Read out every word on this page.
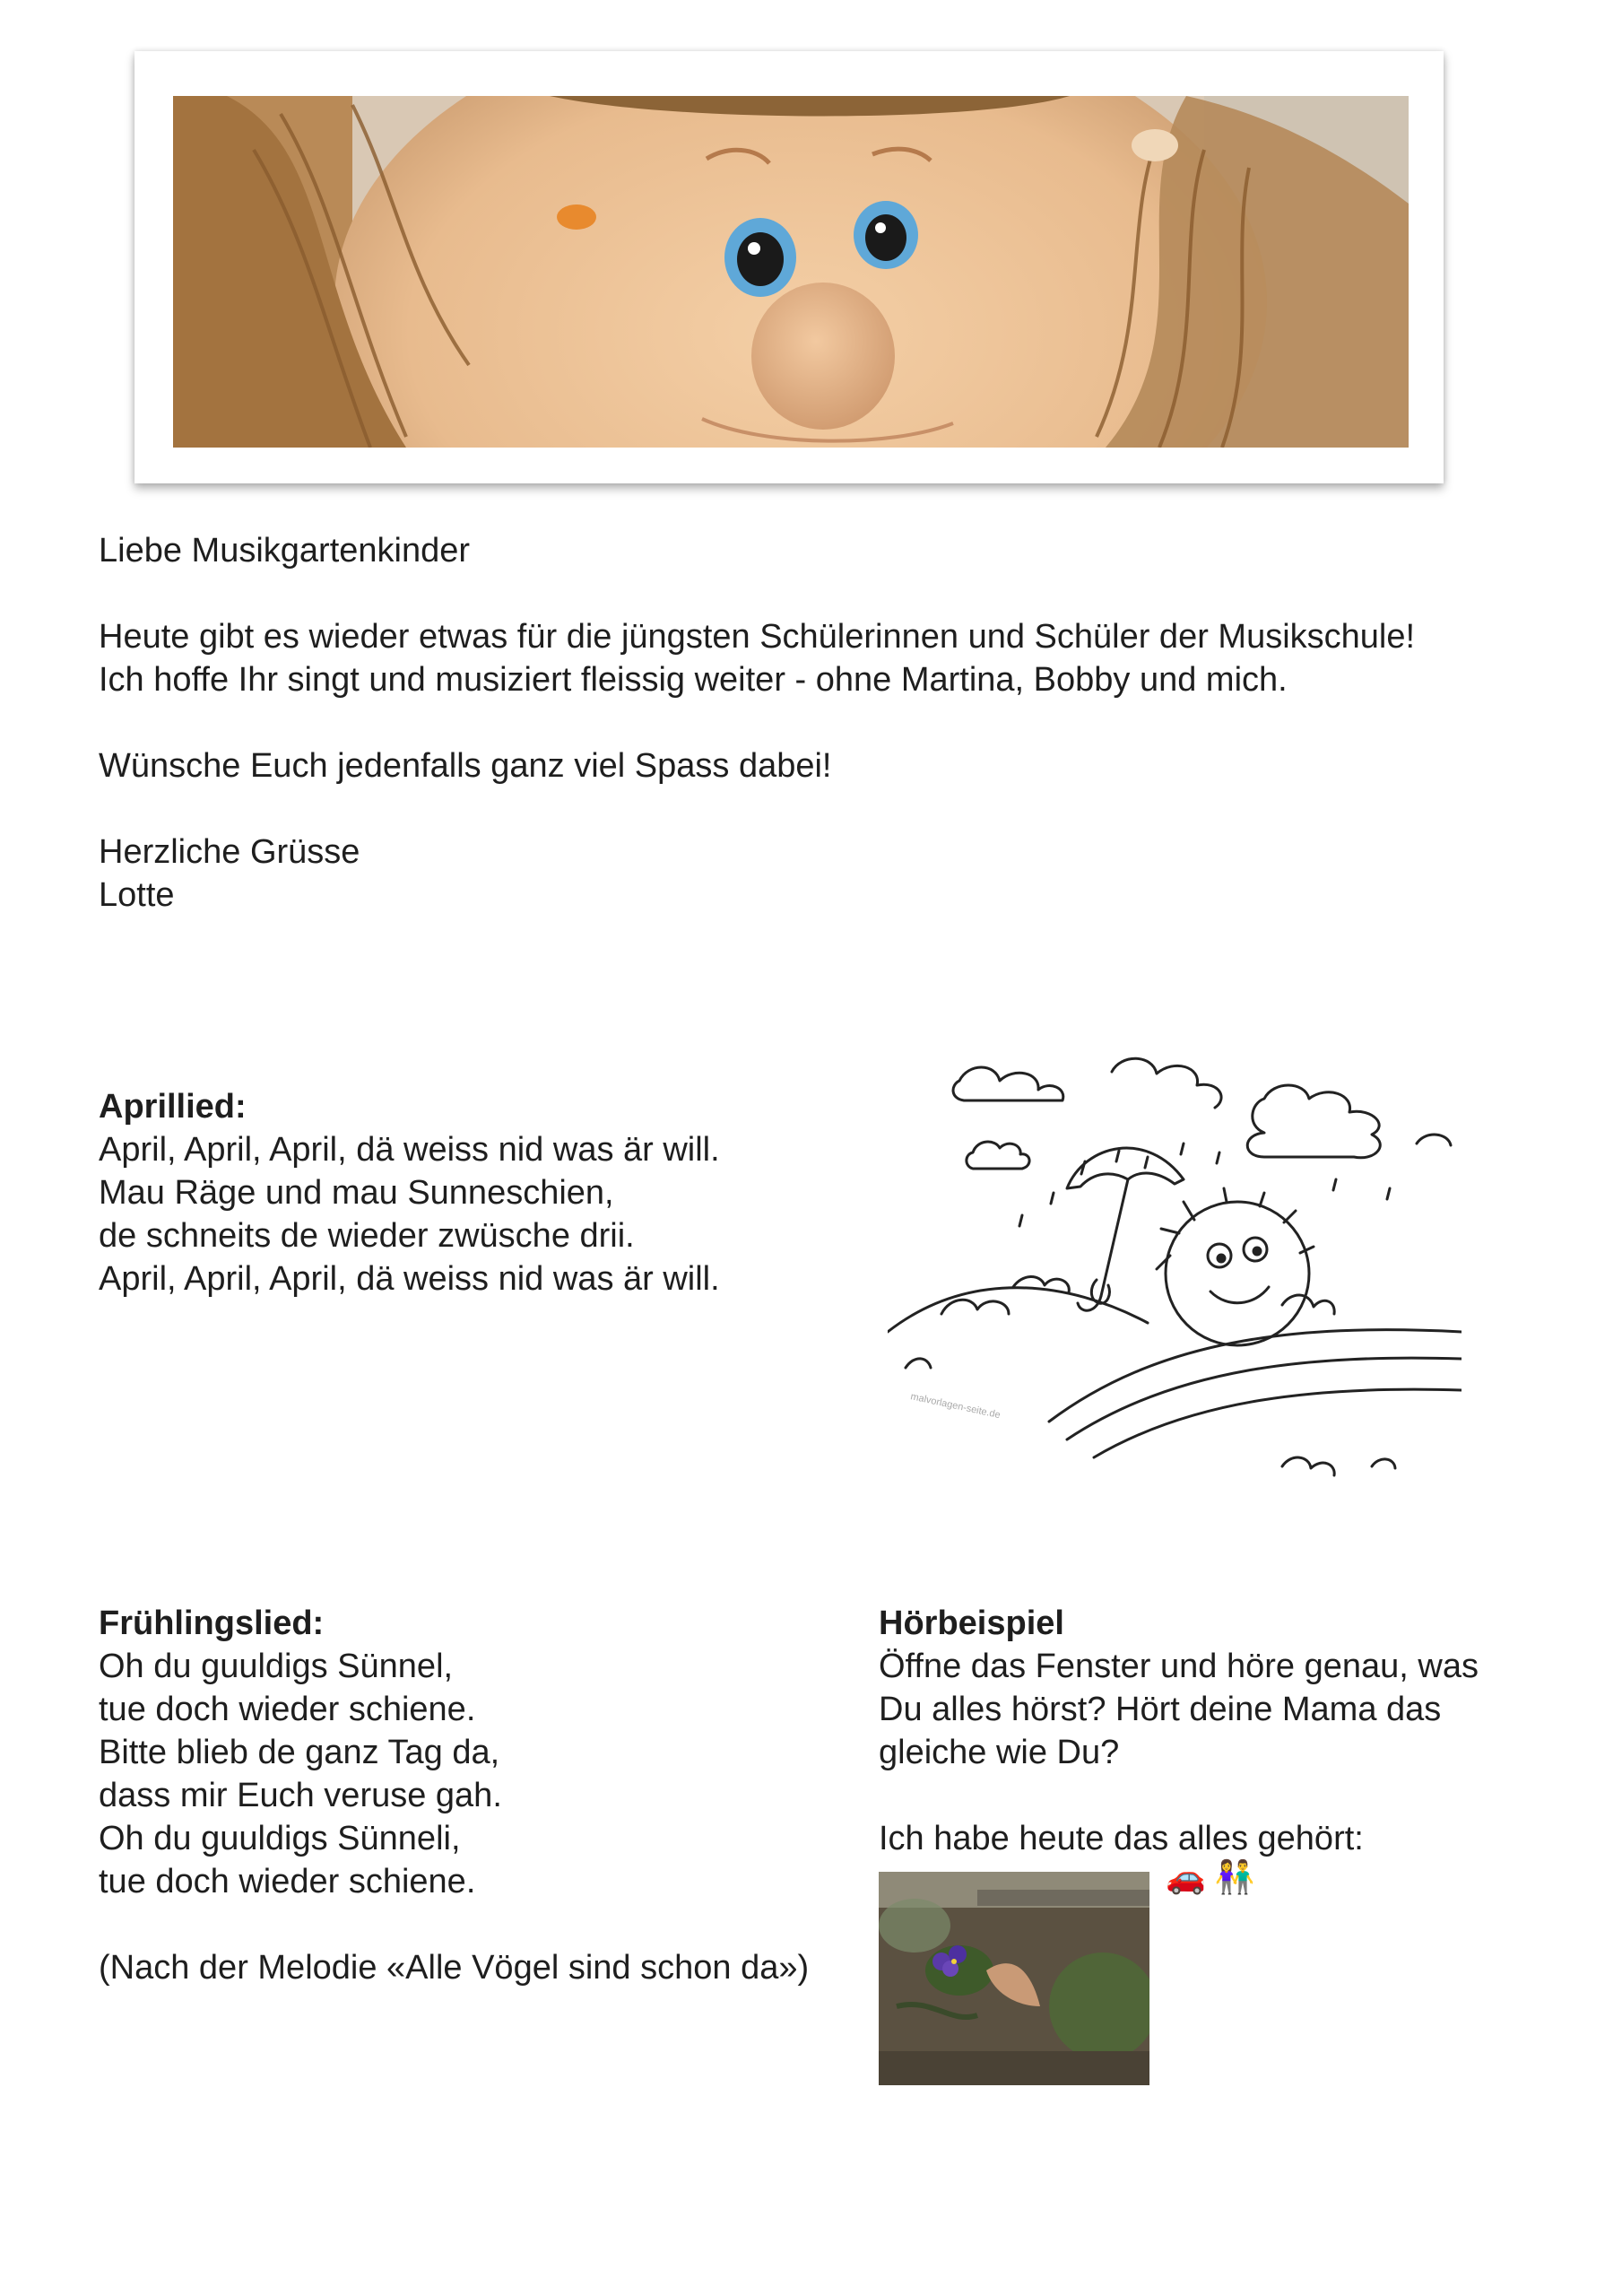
Liebe Musikgartenkinder
Heute gibt es wieder etwas für die jüngsten Schülerinnen und Schüler der Musikschule!
Ich hoffe Ihr singt und musiziert fleissig weiter - ohne Martina, Bobby und mich.
Wünsche Euch jedenfalls ganz viel Spass dabei!
Herzliche Grüsse
Lotte
Aprillied:
April, April, April, dä weiss nid was är will.
Mau Räge und mau Sunneschien,
de schneits de wieder zwüsche drii.
April, April, April, dä weiss nid was är will.
malvorlagen-seite.de
Frühlingslied:
Oh du guuldigs Sünnel,
tue doch wieder schiene.
Bitte blieb de ganz Tag da,
dass mir Euch veruse gah.
Oh du guuldigs Sünneli,
tue doch wieder schiene.
(Nach der Melodie «Alle Vögel sind schon da»)
Hörbeispiel
Öffne das Fenster und höre genau, was
Du alles hörst? Hört deine Mama das
gleiche wie Du?
Ich habe heute das alles gehört:
🚗 👫
